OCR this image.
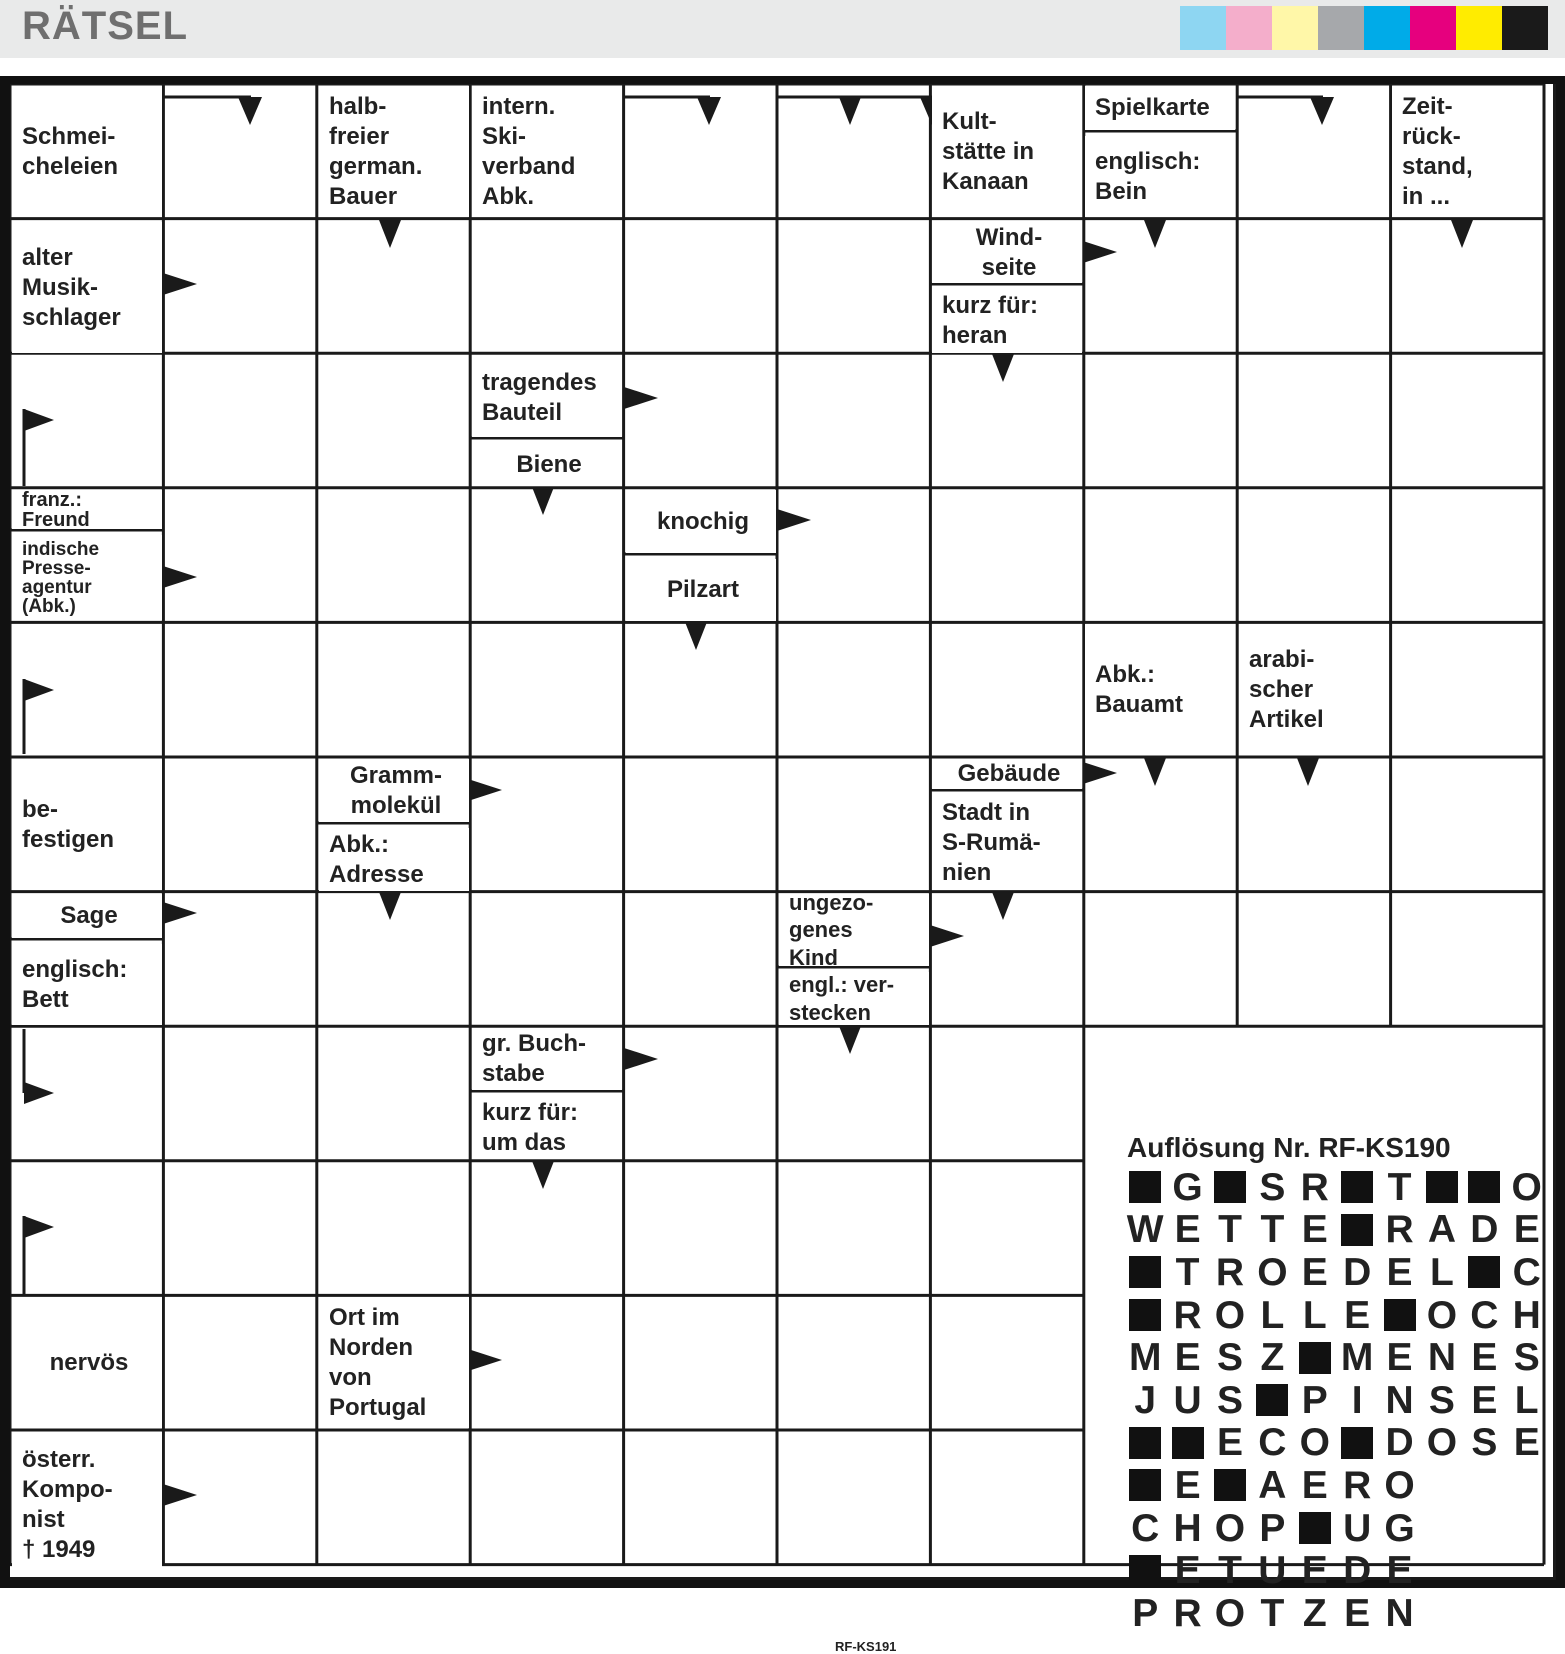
RÄTSEL
Schmei-
cheleien
halb-
freier
german.
Bauer
intern.
Ski-
verband
Abk.
Kult-
stätte in
Kanaan
Spielkarte
englisch:
Bein
Zeit-
rück-
stand,
in ...
alter
Musik-
schlager
Wind-
seite
kurz für:
heran
tragendes
Bauteil
Biene
franz.:
Freund
indische
Presse-
agentur
(Abk.)
knochig
Pilzart
Abk.:
Bauamt
arabi-
scher
Artikel
be-
festigen
Gramm-
molekül
Abk.:
Adresse
Gebäude
Stadt in
S-Rumä-
nien
Sage
englisch:
Bett
ungezo-
genes
Kind
engl.: ver-
stecken
gr. Buch-
stabe
kurz für:
um das
nervös
Ort im
Norden
von
Portugal
österr.
Kompo-
nist
† 1949
Auflösung Nr. RF-KS190
G S R T	O
W E T T E R A D E
T R O E D E L C
R O L L E O C H
M E S Z M E N E S
J U S P I N S E L
E C O D O S E
E A E R O
C H O P U G
E T U E D E
P R O T Z E N
RF-KS191
